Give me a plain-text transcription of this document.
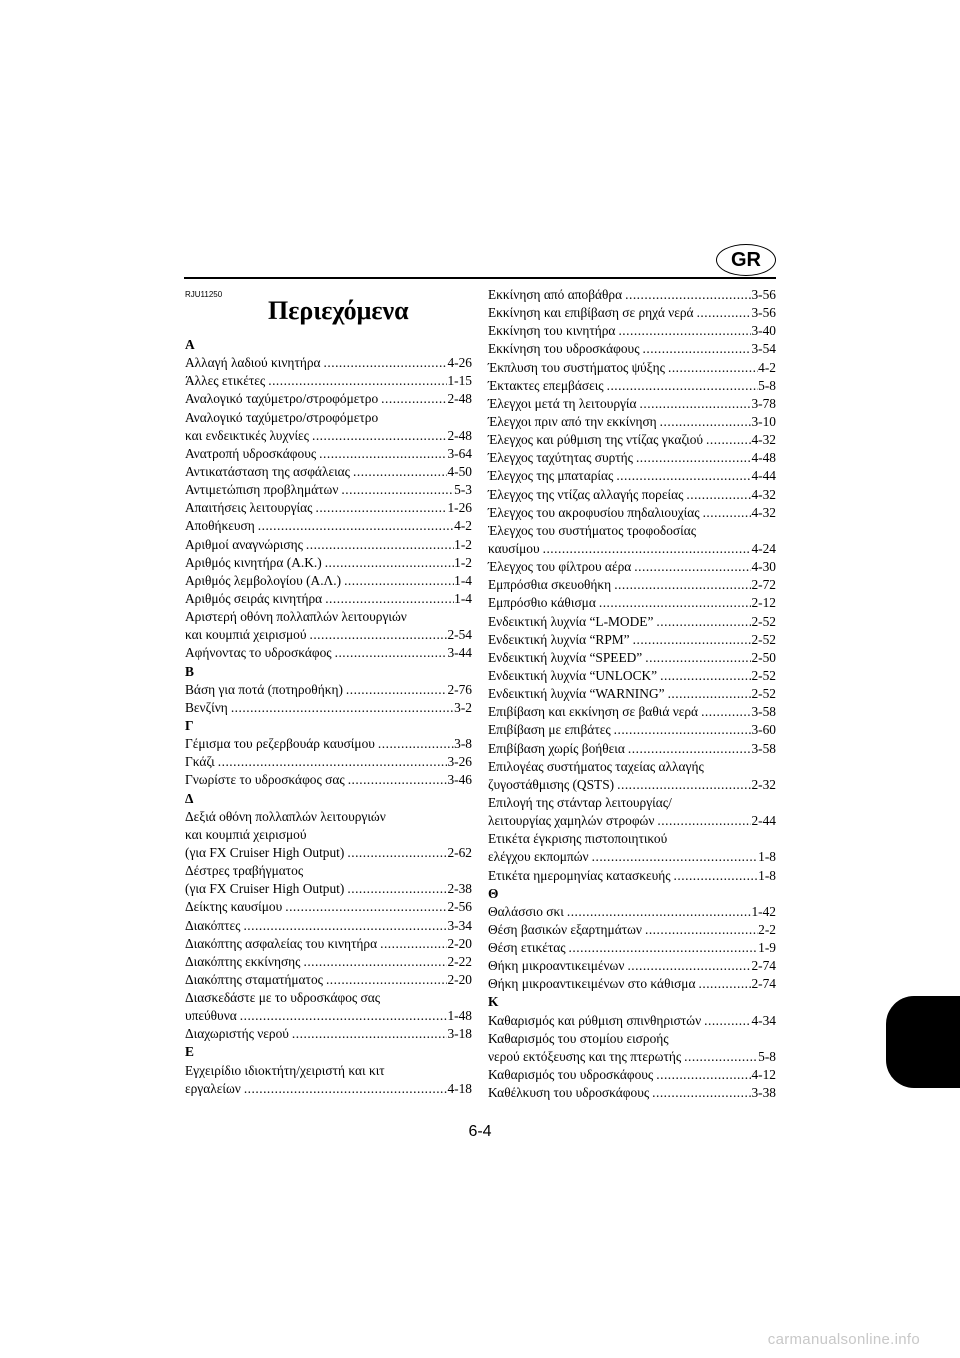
GR
RJU11250
Περιεχόμενα
Α
Αλλαγή λαδιού κινητήρα .....	4-26
Άλλες ετικέτες .....	1-15
Αναλογικό ταχύμετρο/στροφόμετρο .....	2-48
Αναλογικό ταχύμετρο/στροφόμετρο
και ενδεικτικές λυχνίες .....	2-48
Ανατροπή υδροσκάφους .....	3-64
Αντικατάσταση της ασφάλειας .....	4-50
Αντιμετώπιση προβλημάτων .....	5-3
Απαιτήσεις λειτουργίας .....	1-26
Αποθήκευση .....	4-2
Αριθμοί αναγνώρισης .....	1-2
Αριθμός κινητήρα (Α.Κ.) .....	1-2
Αριθμός λεμβολογίου (Α.Λ.) .....	1-4
Αριθμός σειράς κινητήρα .....	1-4
Αριστερή οθόνη πολλαπλών λειτουργιών
και κουμπιά χειρισμού .....	2-54
Αφήνοντας το υδροσκάφος .....	3-44
Β
Βάση για ποτά (ποτηροθήκη) .....	2-76
Βενζίνη .....	3-2
Γ
Γέμισμα του ρεζερβουάρ καυσίμου .....	3-8
Γκάζι .....	3-26
Γνωρίστε το υδροσκάφος σας .....	3-46
Δ
Δεξιά οθόνη πολλαπλών λειτουργιών
και κουμπιά χειρισμού
(για FX Cruiser High Output) .....	2-62
Δέστρες τραβήγματος
(για FX Cruiser High Output) .....	2-38
Δείκτης καυσίμου .....	2-56
Διακόπτες .....	3-34
Διακόπτης ασφαλείας του κινητήρα .....	2-20
Διακόπτης εκκίνησης .....	2-22
Διακόπτης σταματήματος .....	2-20
Διασκεδάστε με το υδροσκάφος σας
υπεύθυνα .....	1-48
Διαχωριστής νερού .....	3-18
Ε
Εγχειρίδιο ιδιοκτήτη/χειριστή και κιτ
εργαλείων .....	4-18
Εκκίνηση από αποβάθρα .....	3-56
Εκκίνηση και επιβίβαση σε ρηχά νερά .....	3-56
Εκκίνηση του κινητήρα .....	3-40
Εκκίνηση του υδροσκάφους .....	3-54
Έκπλυση του συστήματος ψύξης .....	4-2
Έκτακτες επεμβάσεις .....	5-8
Έλεγχοι μετά τη λειτουργία .....	3-78
Έλεγχοι πριν από την εκκίνηση .....	3-10
Έλεγχος και ρύθμιση της ντίζας γκαζιού .....	4-32
Έλεγχος ταχύτητας συρτής .....	4-48
Έλεγχος της μπαταρίας .....	4-44
Έλεγχος της ντίζας αλλαγής πορείας .....	4-32
Έλεγχος του ακροφυσίου πηδαλιουχίας .....	4-32
Έλεγχος του συστήματος τροφοδοσίας
καυσίμου .....	4-24
Έλεγχος του φίλτρου αέρα .....	4-30
Εμπρόσθια σκευοθήκη .....	2-72
Εμπρόσθιο κάθισμα .....	2-12
Ενδεικτική λυχνία “L-MODE” .....	2-52
Ενδεικτική λυχνία “RPM” .....	2-52
Ενδεικτική λυχνία “SPEED” .....	2-50
Ενδεικτική λυχνία “UNLOCK” .....	2-52
Ενδεικτική λυχνία “WARNING” .....	2-52
Επιβίβαση και εκκίνηση σε βαθιά νερά .....	3-58
Επιβίβαση με επιβάτες .....	3-60
Επιβίβαση χωρίς βοήθεια .....	3-58
Επιλογέας συστήματος ταχείας αλλαγής
ζυγοστάθμισης (QSTS) .....	2-32
Επιλογή της στάνταρ λειτουργίας/
λειτουργίας χαμηλών στροφών .....	2-44
Ετικέτα έγκρισης πιστοποιητικού
ελέγχου εκπομπών .....	1-8
Ετικέτα ημερομηνίας κατασκευής .....	1-8
Θ
Θαλάσσιο σκι .....	1-42
Θέση βασικών εξαρτημάτων .....	2-2
Θέση ετικέτας .....	1-9
Θήκη μικροαντικειμένων .....	2-74
Θήκη μικροαντικειμένων στο κάθισμα .....	2-74
Κ
Καθαρισμός και ρύθμιση σπινθηριστών .....	4-34
Καθαρισμός του στομίου εισροής
νερού εκτόξευσης και της πτερωτής .....	5-8
Καθαρισμός του υδροσκάφους .....	4-12
Καθέλκυση του υδροσκάφους .....	3-38
6-4
carmanualsonline.info
